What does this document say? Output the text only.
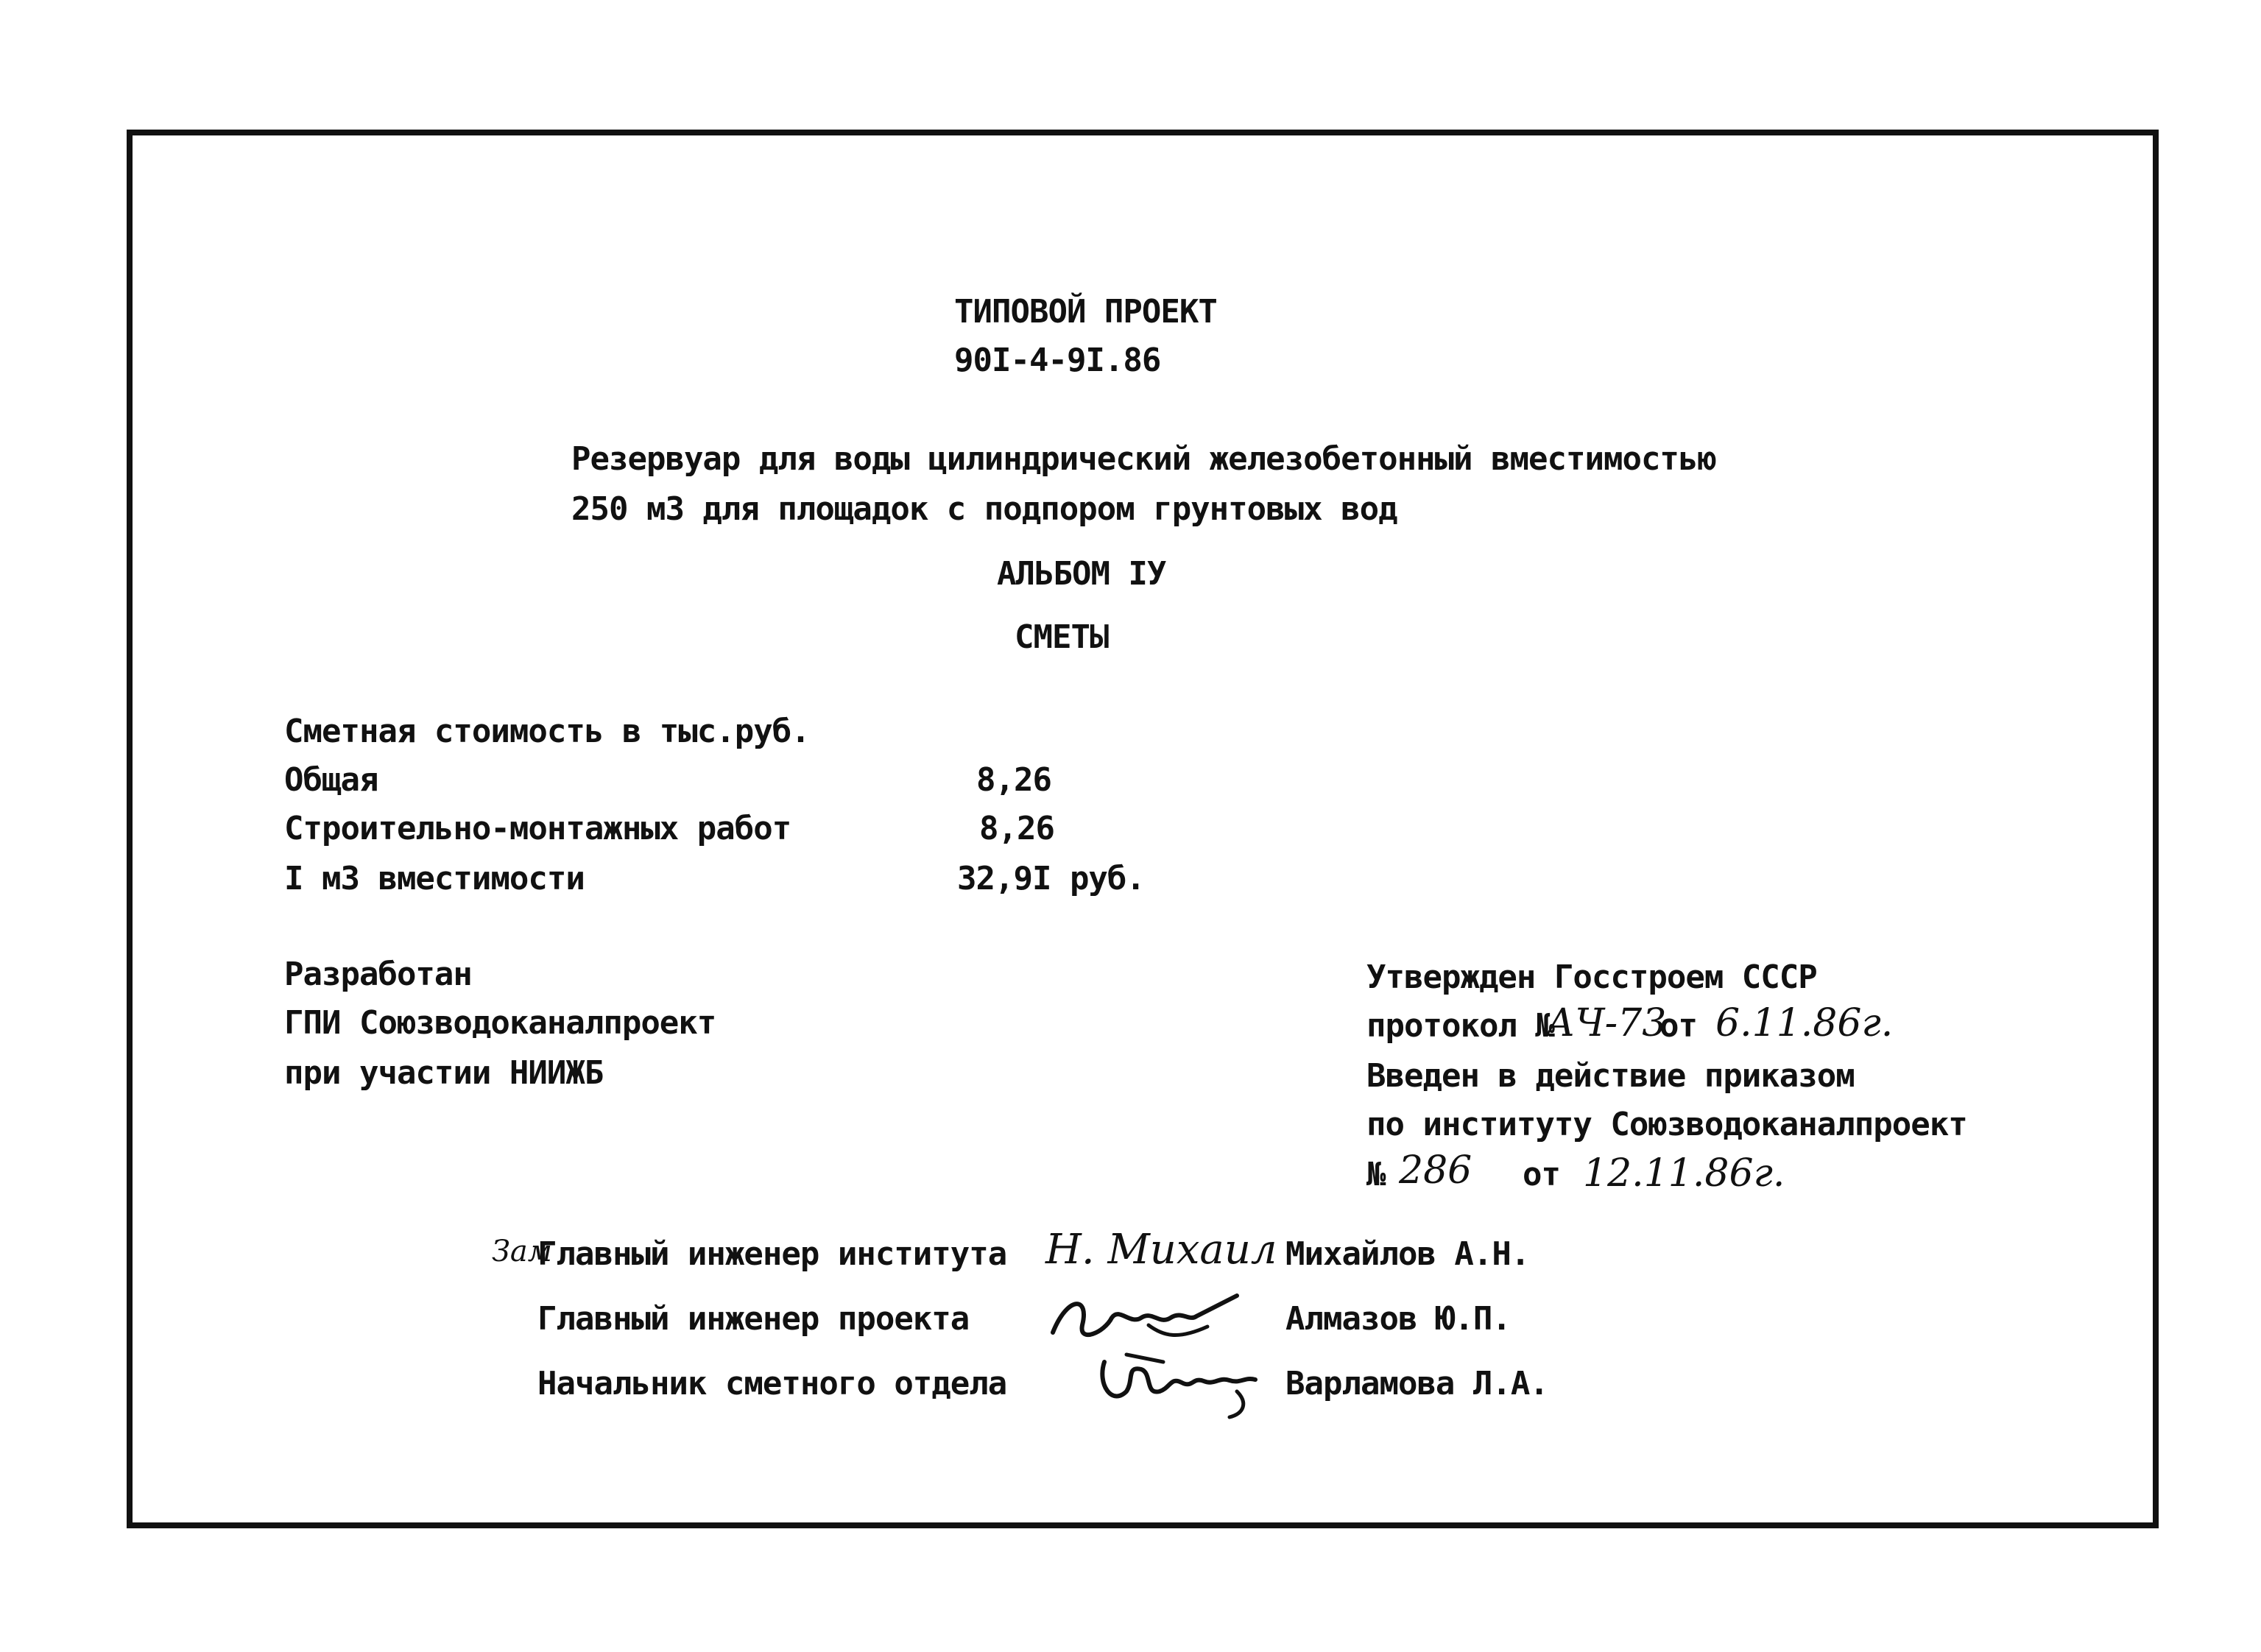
ТИПОВОЙ ПРОЕКТ
90I-4-9I.86
Резервуар для воды цилиндрический железобетонный вместимостью
250 м3 для площадок с подпором грунтовых вод
АЛЬБОМ IУ
СМЕТЫ
Сметная стоимость в тыс.руб.
Общая	8,26
Строительно-монтажных работ	8,26
I м3 вместимости	32,9I руб.
Разработан
ГПИ Союзводоканалпроект
при участии НИИЖБ
Утвержден Госстроем СССР
протокол №
АЧ-73
от 6.11.86г.
Введен в действие приказом
по институту Союзводоканалпроект
№ 286 от 12.11.86г.
Зам
Главный инженер института Н. Михаил Михайлов А.Н.
Главный инженер проекта	Алмазов Ю.П.
Начальник сметного отдела	Варламова Л.А.
